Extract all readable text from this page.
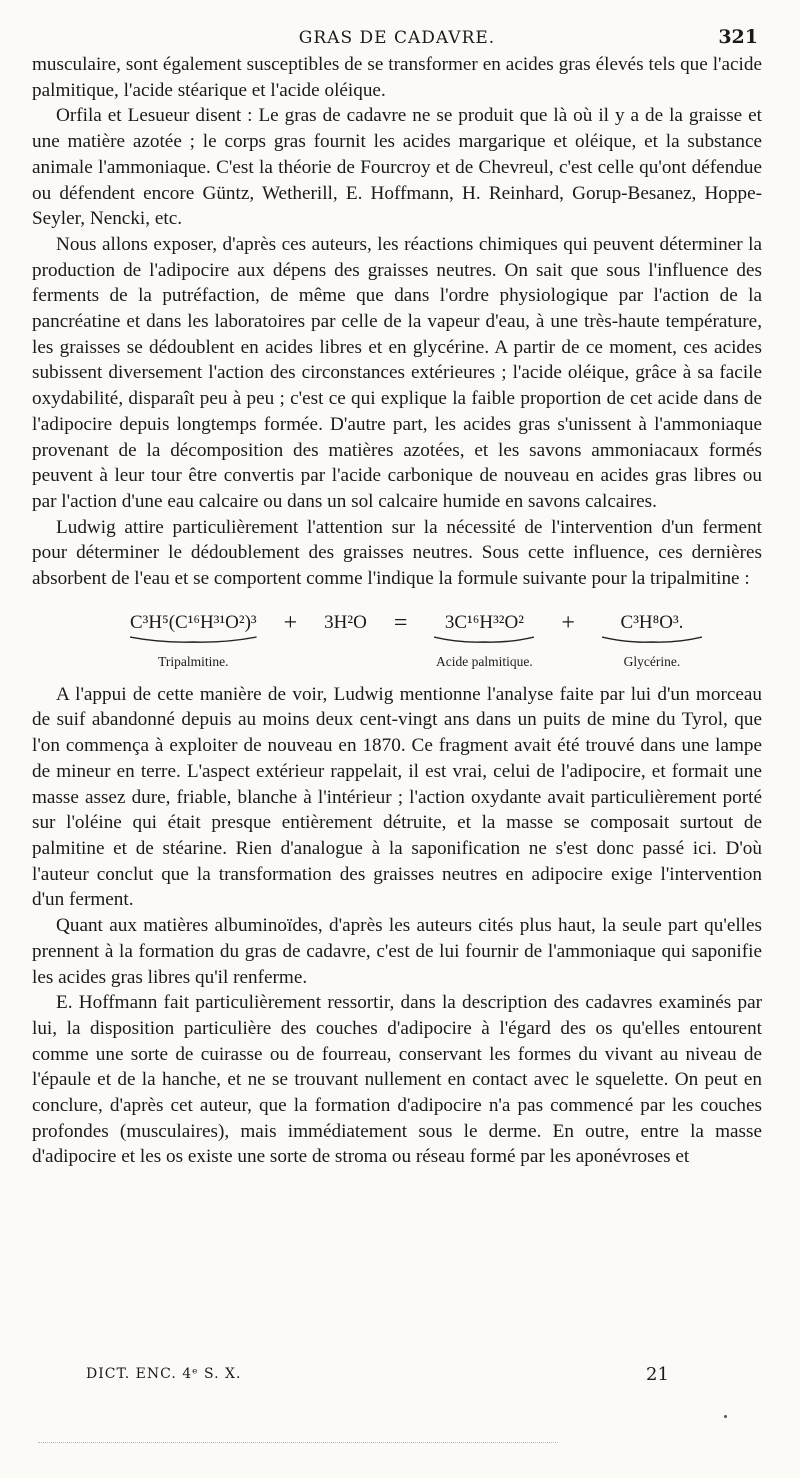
GRAS DE CADAVRE.	321

musculaire, sont également susceptibles de se transformer en acides gras élevés tels que l'acide palmitique, l'acide stéarique et l'acide oléique.

Orfila et Lesueur disent : Le gras de cadavre ne se produit que là où il y a de la graisse et une matière azotée ; le corps gras fournit les acides margarique et oléique, et la substance animale l'ammoniaque. C'est la théorie de Fourcroy et de Chevreul, c'est celle qu'ont défendue ou défendent encore Güntz, Wetherill, E. Hoffmann, H. Reinhard, Gorup-Besanez, Hoppe-Seyler, Nencki, etc.

Nous allons exposer, d'après ces auteurs, les réactions chimiques qui peuvent déterminer la production de l'adipocire aux dépens des graisses neutres. On sait que sous l'influence des ferments de la putréfaction, de même que dans l'ordre physiologique par l'action de la pancréatine et dans les laboratoires par celle de la vapeur d'eau, à une très-haute température, les graisses se dédoublent en acides libres et en glycérine. A partir de ce moment, ces acides subissent diversement l'action des circonstances extérieures ; l'acide oléique, grâce à sa facile oxydabilité, disparaît peu à peu ; c'est ce qui explique la faible proportion de cet acide dans de l'adipocire depuis longtemps formée. D'autre part, les acides gras s'unissent à l'ammoniaque provenant de la décomposition des matières azotées, et les savons ammoniacaux formés peuvent à leur tour être convertis par l'acide carbonique de nouveau en acides gras libres ou par l'action d'une eau calcaire ou dans un sol calcaire humide en savons calcaires.

Ludwig attire particulièrement l'attention sur la nécessité de l'intervention d'un ferment pour déterminer le dédoublement des graisses neutres. Sous cette influence, ces dernières absorbent de l'eau et se comportent comme l'indique la formule suivante pour la tripalmitine :

C³H⁵(C¹⁶H³¹O²)³
Tripalmitine.
+ 3H²O = 3C¹⁶H³²O²
Acide palmitique.
+ C³H⁸O³.
Glycérine.

A l'appui de cette manière de voir, Ludwig mentionne l'analyse faite par lui d'un morceau de suif abandonné depuis au moins deux cent-vingt ans dans un puits de mine du Tyrol, que l'on commença à exploiter de nouveau en 1870. Ce fragment avait été trouvé dans une lampe de mineur en terre. L'aspect extérieur rappelait, il est vrai, celui de l'adipocire, et formait une masse assez dure, friable, blanche à l'intérieur ; l'action oxydante avait particulièrement porté sur l'oléine qui était presque entièrement détruite, et la masse se composait surtout de palmitine et de stéarine. Rien d'analogue à la saponification ne s'est donc passé ici. D'où l'auteur conclut que la transformation des graisses neutres en adipocire exige l'intervention d'un ferment.

Quant aux matières albuminoïdes, d'après les auteurs cités plus haut, la seule part qu'elles prennent à la formation du gras de cadavre, c'est de lui fournir de l'ammoniaque qui saponifie les acides gras libres qu'il renferme.

E. Hoffmann fait particulièrement ressortir, dans la description des cadavres examinés par lui, la disposition particulière des couches d'adipocire à l'égard des os qu'elles entourent comme une sorte de cuirasse ou de fourreau, conservant les formes du vivant au niveau de l'épaule et de la hanche, et ne se trouvant nullement en contact avec le squelette. On peut en conclure, d'après cet auteur, que la formation d'adipocire n'a pas commencé par les couches profondes (musculaires), mais immédiatement sous le derme. En outre, entre la masse d'adipocire et les os existe une sorte de stroma ou réseau formé par les aponévroses et

DICT. ENC. 4ᵉ S. X.	21
